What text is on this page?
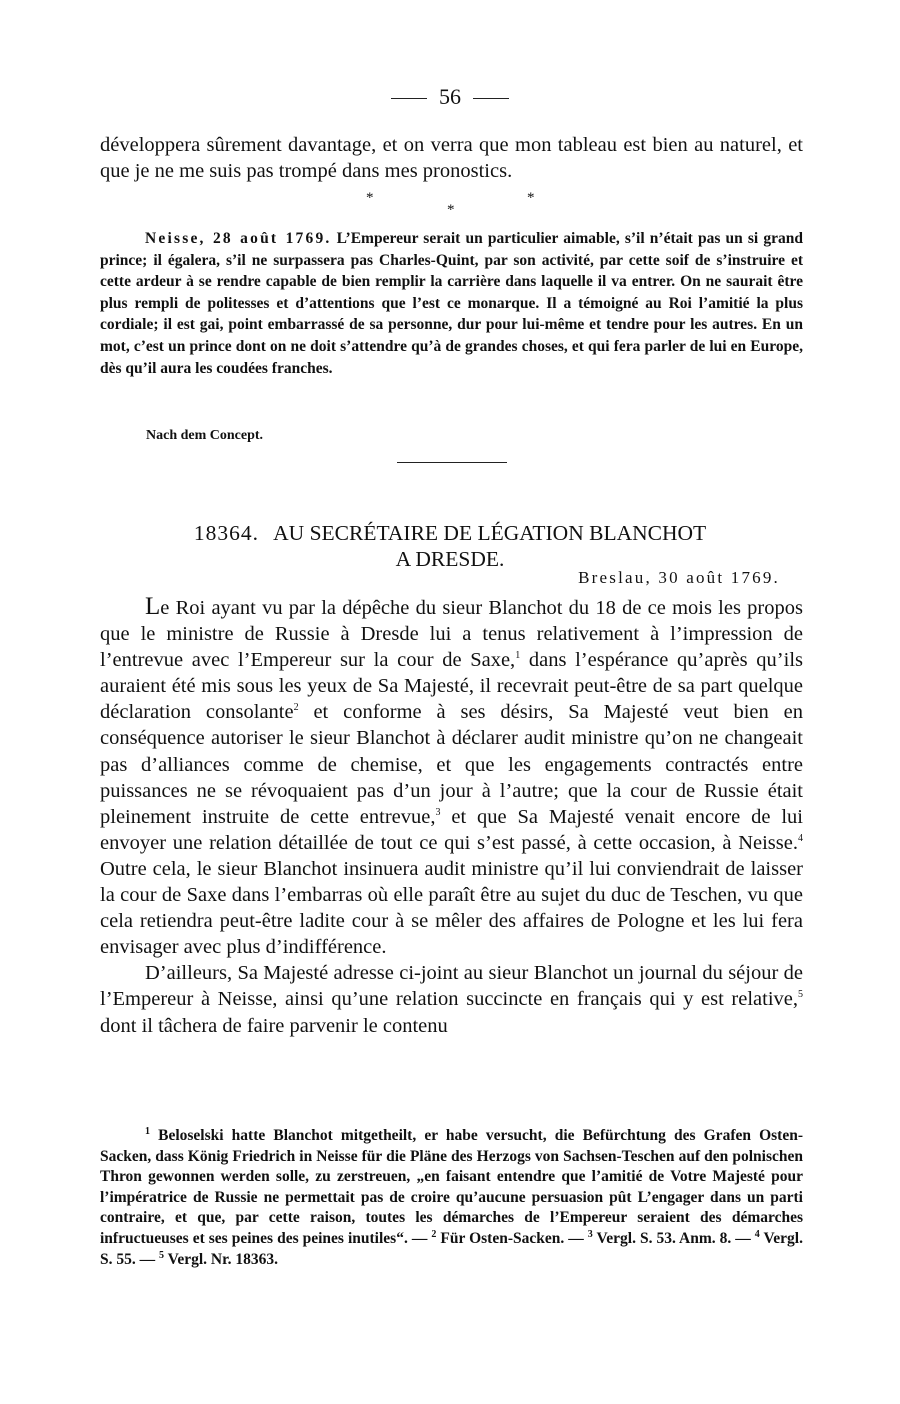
56
développera sûrement davantage, et on verra que mon tableau est bien au naturel, et que je ne me suis pas trompé dans mes pronostics.
*
*
*
Neisse, 28 août 1769. L’Empereur serait un particulier aimable, s’il n’était pas un si grand prince; il égalera, s’il ne surpassera pas Charles-Quint, par son activité, par cette soif de s’instruire et cette ardeur à se rendre capable de bien remplir la carrière dans laquelle il va entrer. On ne saurait être plus rempli de politesses et d’attentions que l’est ce monarque. Il a témoigné au Roi l’amitié la plus cordiale; il est gai, point embarrassé de sa personne, dur pour lui-même et tendre pour les autres. En un mot, c’est un prince dont on ne doit s’attendre qu’à de grandes choses, et qui fera parler de lui en Europe, dès qu’il aura les coudées franches.
Nach dem Concept.
18364. AU SECRÉTAIRE DE LÉGATION BLANCHOT
A DRESDE.
Breslau, 30 août 1769.

Le Roi ayant vu par la dépêche du sieur Blanchot du 18 de ce mois les propos que le ministre de Russie à Dresde lui a tenus relativement à l’impression de l’entrevue avec l’Empereur sur la cour de Saxe,$^1$ dans l’espérance qu’après qu’ils auraient été mis sous les yeux de Sa Majesté, il recevrait peut-être de sa part quelque déclaration consolante$^2$ et conforme à ses désirs, Sa Majesté veut bien en conséquence autoriser le sieur Blanchot à déclarer audit ministre qu’on ne changeait pas d’alliances comme de chemise, et que les engagements contractés entre puissances ne se révoquaient pas d’un jour à l’autre; que la cour de Russie était pleinement instruite de cette entrevue,$^3$ et que Sa Majesté venait encore de lui envoyer une relation détaillée de tout ce qui s’est passé, à cette occasion, à Neisse.$^4$ Outre cela, le sieur Blanchot insinuera audit ministre qu’il lui conviendrait de laisser la cour de Saxe dans l’embarras où elle paraît être au sujet du duc de Teschen, vu que cela retiendra peut-être ladite cour à se mêler des affaires de Pologne et les lui fera envisager avec plus d’indifférence.

D’ailleurs, Sa Majesté adresse ci-joint au sieur Blanchot un journal du séjour de l’Empereur à Neisse, ainsi qu’une relation succincte en français qui y est relative,$^5$ dont il tâchera de faire parvenir le contenu

$^1$ Beloselski hatte Blanchot mitgetheilt, er habe versucht, die Befürchtung des Grafen Osten-Sacken, dass König Friedrich in Neisse für die Pläne des Herzogs von Sachsen-Teschen auf den polnischen Thron gewonnen werden solle, zu zerstreuen, „en faisant entendre que l’amitié de Votre Majesté pour l’impératrice de Russie ne permettait pas de croire qu’aucune persuasion pût L’engager dans un parti contraire, et que, par cette raison, toutes les démarches de l’Empereur seraient des démarches infructueuses et ses peines des peines inutiles“. — $^2$ Für Osten-Sacken. — $^3$ Vergl. S. 53. Anm. 8. — $^4$ Vergl. S. 55. — $^5$ Vergl. Nr. 18363.
